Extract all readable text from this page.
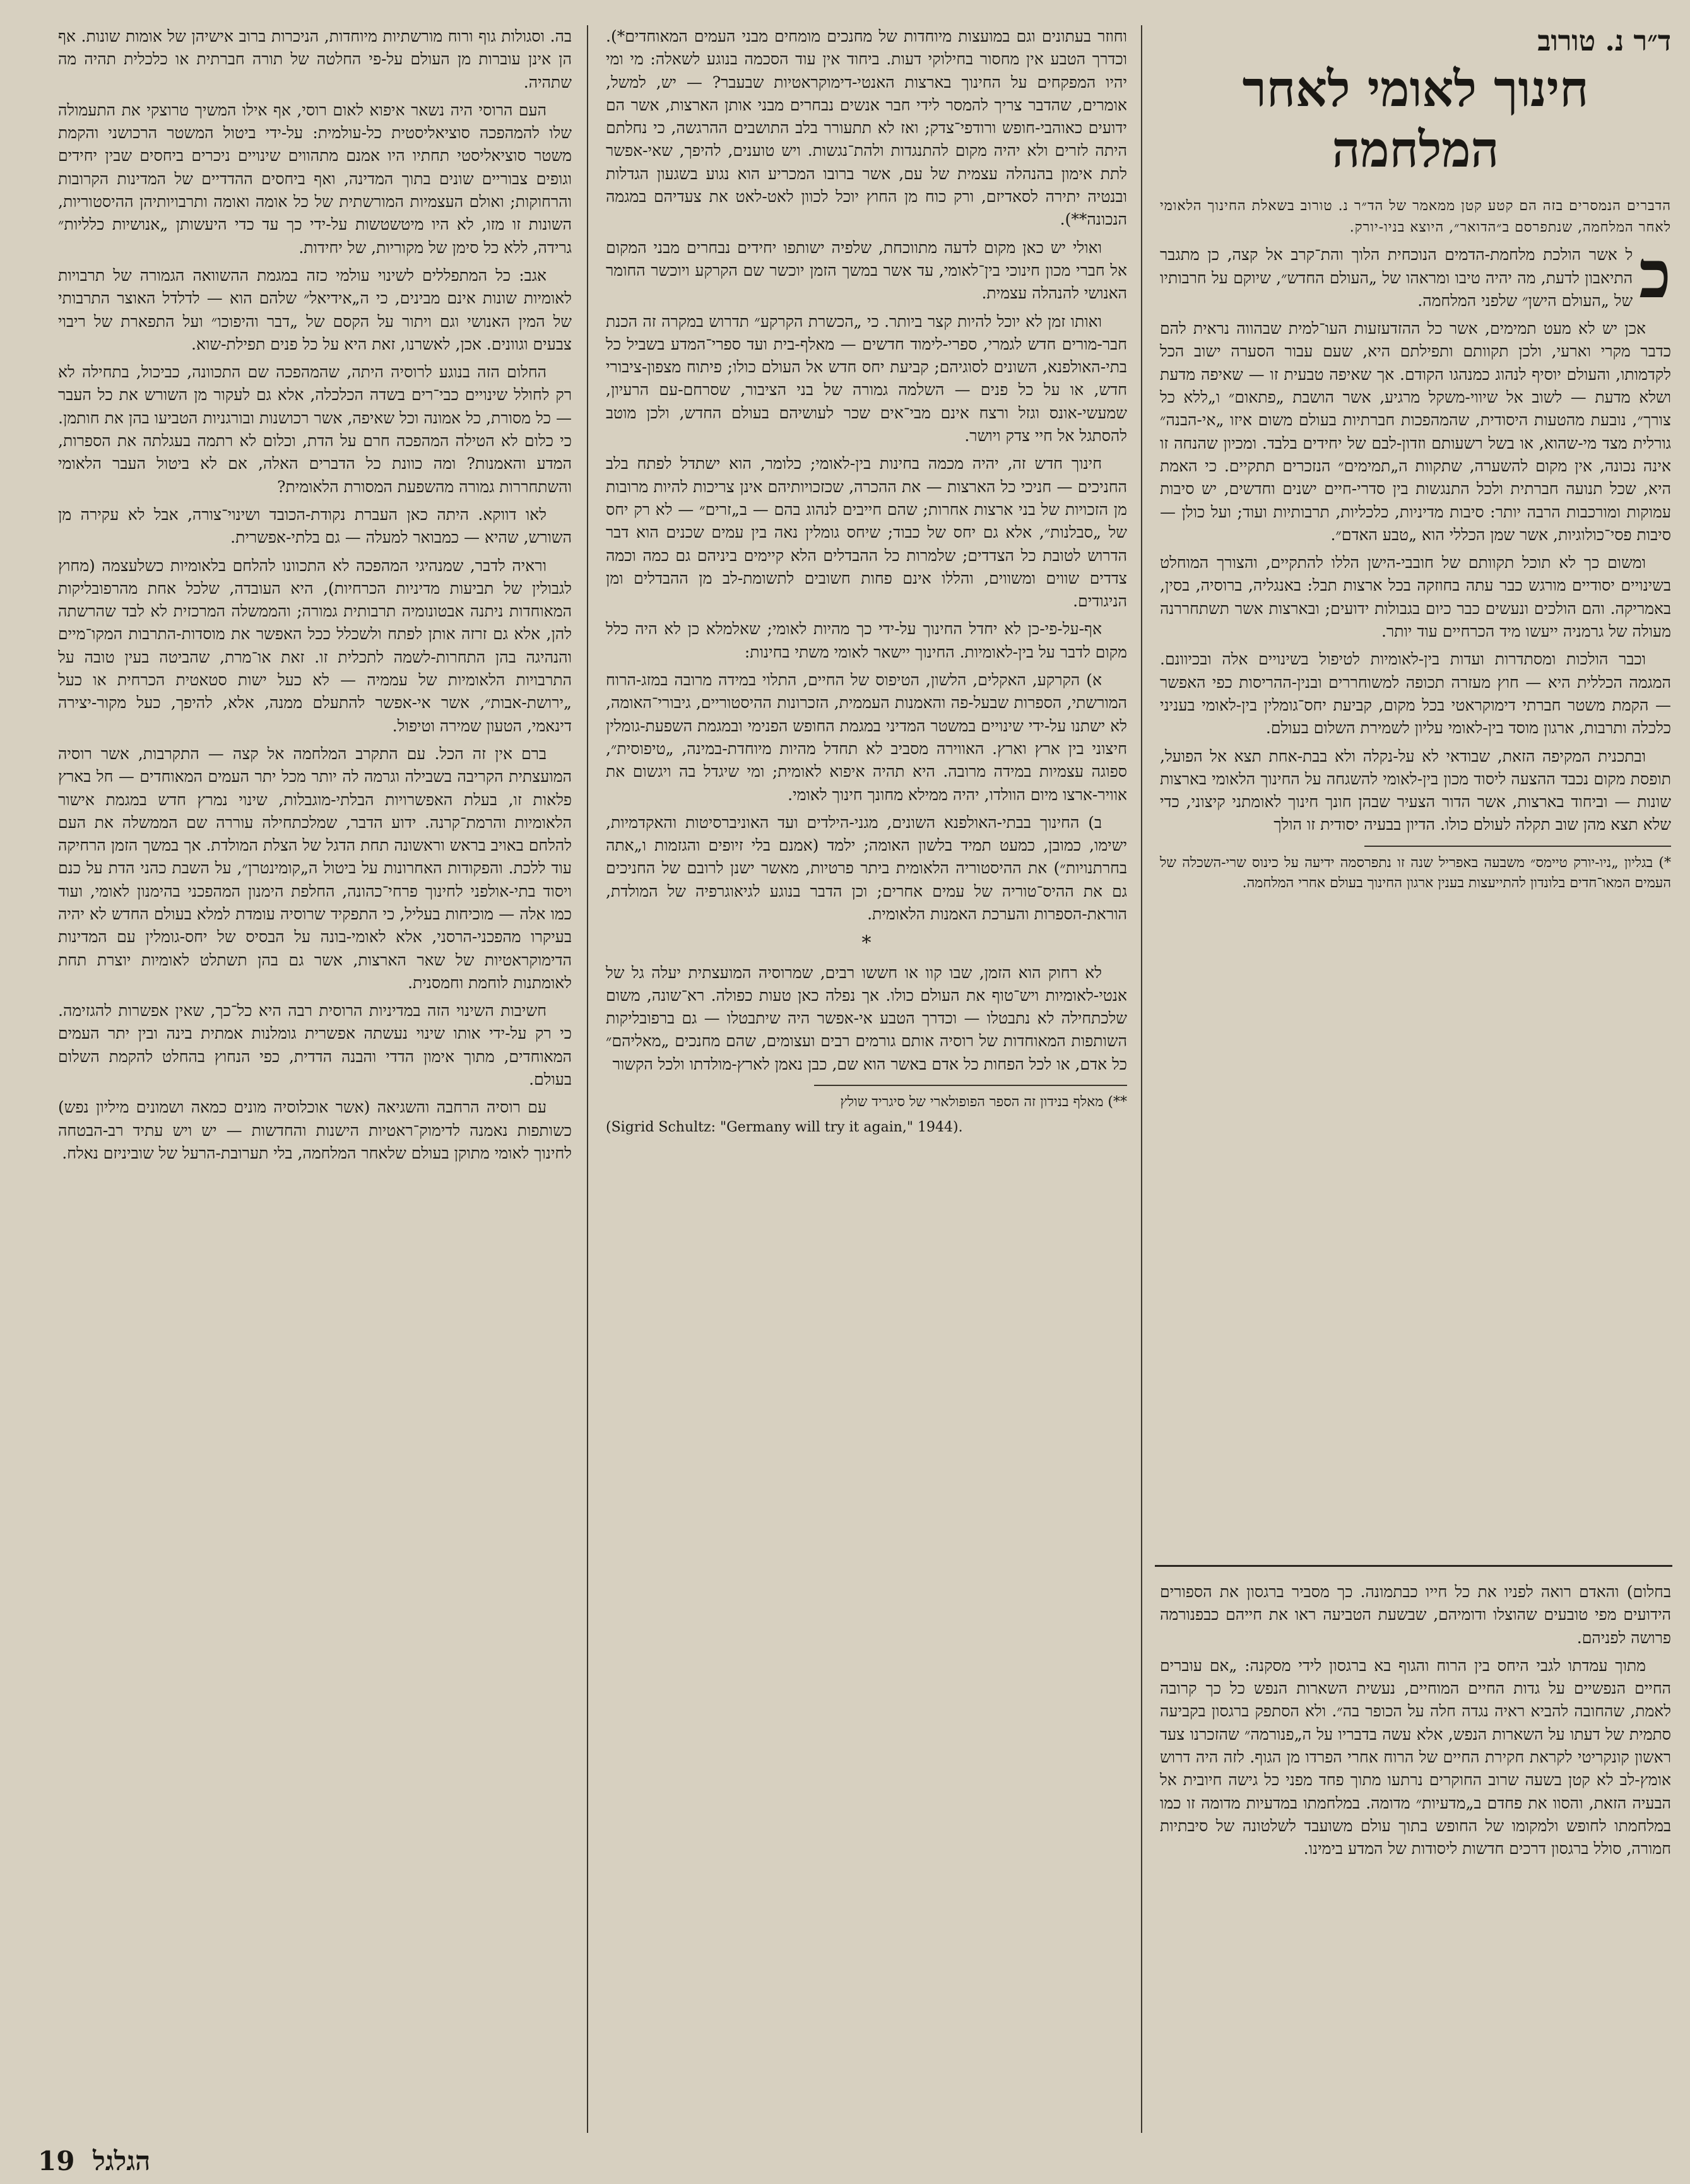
ד״ר נ. טורוב
חינוך לאומי לאחר המלחמה

הדברים הנמסרים בזה הם קטע קטן ממאמר של הד״ר נ. טורוב בשאלת החינוך הלאומי לאחר המלחמה, שנתפרסם ב״הדואר״, היוצא בניו-יורק.

כ

ל אשר הולכת מלחמת-הדמים הנוכחית הלוך והת־קרב אל קצה, כן מתגבר התיאבון לדעת, מה יהיה טיבו ומראהו של „העולם החדש״, שיוקם על חרבותיו של „העולם הישן״ שלפני המלחמה.

אכן יש לא מעט תמימים, אשר כל ההזדעזעות העו־למית שבהווה נראית להם כדבר מקרי וארעי, ולכן תקוותם ותפילתם היא, שעם עבור הסערה ישוב הכל לקדמותו, והעולם יוסיף לנהוג כמנהגו הקודם. אך שאיפה טבעית זו — שאיפה מדעת ושלא מדעת — לשוב אל שיווי-משקל מרגיע, אשר הושבת „פתאום״ ו„ללא כל צורך״, נובעת מהטעות היסודית, שהמהפכות חברתיות בעולם משום איזו „אי-הבנה״ גורלית מצד מי-שהוא, או בשל רשעותם וזדון-לבם של יחידים בלבד. ומכיון שהנחה זו אינה נכונה, אין מקום להשערה, שתקוות ה„תמימים״ הנזכרים תתקיים. כי האמת היא, שכל תנועה חברתית ולכל התנגשות בין סדרי-חיים ישנים וחדשים, יש סיבות עמוקות ומורכבות הרבה יותר: סיבות מדיניות, כלכליות, תרבותיות ועוד; ועל כולן — סיבות פסי־כולוגיות, אשר שמן הכללי הוא „טבע האדם״.

ומשום כך לא תוכל תקוותם של חובבי-הישן הללו להתקיים, והצורך המוחלט בשינויים יסודיים מורגש כבר עתה בחוזקה בכל ארצות תבל: באנגליה, ברוסיה, בסין, באמריקה. והם הולכים ונעשים כבר כיום בגבולות ידועים; ובארצות אשר תשתחררנה מעולה של גרמניה ייעשו מיד הכרחיים עוד יותר.

וכבר הולכות ומסתדרות ועדות בין-לאומיות לטיפול בשינויים אלה ובכיוונם. המגמה הכללית היא — חוץ מעזרה תכופה למשוחררים ובנין-ההריסות כפי האפשר — הקמת משטר חברתי דימוקראטי בכל מקום, קביעת יחס־גומלין בין-לאומי בעניני כלכלה ותרבות, ארגון מוסד בין-לאומי עליון לשמירת השלום בעולם.

ובתכנית המקיפה הזאת, שבודאי לא על-נקלה ולא בבת-אחת תצא אל הפועל, תופסת מקום נכבד ההצעה ליסוד מכון בין-לאומי להשגחה על החינוך הלאומי בארצות שונות — וביחוד בארצות, אשר הדור הצעיר שבהן חונך חינוך לאומתני קיצוני, כדי שלא תצא מהן שוב תקלה לעולם כולו. הדיון בבעיה יסודית זו הולך

*) בגליון „ניו-יורק טיימס״ משבעה באפריל שנה זו נתפרסמה ידיעה על כינוס שרי-השכלה של העמים המאו־חדים בלונדון להתייעצות בענין ארגון החינוך בעולם אחרי המלחמה.

בחלום) והאדם רואה לפניו את כל חייו כבתמונה. כך מסביר ברגסון את הספורים הידועים מפי טובעים שהוצלו ודומיהם, שבשעת הטביעה ראו את חייהם כבפנורמה פרושה לפניהם.

מתוך עמדתו לגבי היחס בין הרוח והגוף בא ברגסון לידי מסקנה: „אם עוברים החיים הנפשיים על גדות החיים המוחיים, נעשית השארות הנפש כל כך קרובה לאמת, שהחובה להביא ראיה נגדה חלה על הכופר בה״. ולא הסתפק ברגסון בקביעה סתמית של דעתו על השארות הנפש, אלא עשה בדבריו על ה„פנורמה״ שהזכרנו צעד ראשון קונקריטי לקראת חקירת החיים של הרוח אחרי הפרדו מן הגוף. לזה היה דרוש אומץ-לב לא קטן בשעה שרוב החוקרים נרתעו מתוך פחד מפני כל גישה חיובית אל הבעיה הזאת, והסוו את פחדם ב„מדעיות״ מדומה. במלחמתו במדעיות מדומה זו כמו במלחמתו לחופש ולמקומו של החופש בתוך עולם משועבד לשלטונה של סיבתיות חמורה, סולל ברגסון דרכים חדשות ליסודות של המדע בימינו.

וחוזר בעתונים וגם במועצות מיוחדות של מחנכים מומחים מבני העמים המאוחדים*). וכדרך הטבע אין מחסור בחילוקי דעות. ביחוד אין עוד הסכמה בנוגע לשאלה: מי ומי יהיו המפקחים על החינוך בארצות האנטי-דימוקראטיות שבעבר? — יש, למשל, אומרים, שהדבר צריך להמסר לידי חבר אנשים נבחרים מבני אותן הארצות, אשר הם ידועים כאוהבי-חופש ורודפי־צדק; ואז לא תתעורר בלב התושבים ההרגשה, כי נחלתם היתה לזרים ולא יהיה מקום להתנגדות ולהת־נגשות. ויש טוענים, להיפך, שאי-אפשר לתת אימון בהנהלה עצמית של עם, אשר ברובו המכריע הוא נגוע בשגעון הגדלות ובנטיה יתירה לסאדיזם, ורק כוח מן החוץ יוכל לכוון לאט-לאט את צעדיהם במגמה הנכונה**).

ואולי יש כאן מקום לדעה מתווכחת, שלפיה ישותפו יחידים נבחרים מבני המקום אל חברי מכון חינוכי בין־לאומי, עד אשר במשך הזמן יוכשר שם הקרקע ויוכשר החומר האנושי להנהלה עצמית.

ואותו זמן לא יוכל להיות קצר ביותר. כי „הכשרת הקרקע״ תדרוש במקרה זה הכנת חבר-מורים חדש לגמרי, ספרי-לימוד חדשים — מאלף-בית ועד ספרי־המדע בשביל כל בתי-האולפנא, השונים לסוגיהם; קביעת יחס חדש אל העולם כולו; פיתוח מצפון-ציבורי חדש, או על כל פנים — השלמה גמורה של בני הציבור, שסרחם-עם הרעיון, שמעשי-אונס וגזל ורצח אינם מבי־אים שכר לעושיהם בעולם החדש, ולכן מוטב להסתגל אל חיי צדק ויושר.

חינוך חדש זה, יהיה מכמה בחינות בין-לאומי; כלומר, הוא ישתדל לפתח בלב החניכים — חניכי כל הארצות — את ההכרה, שכזכויותיהם אינן צריכות להיות מרובות מן הזכויות של בני ארצות אחרות; שהם חייבים לנהוג בהם — ב„זרים״ — לא רק יחס של „סבלנות״, אלא גם יחס של כבוד; שיחס גומלין נאה בין עמים שכנים הוא דבר הדרוש לטובת כל הצדדים; שלמרות כל ההבדלים הלא קיימים ביניהם גם כמה וכמה צדדים שווים ומשווים, והללו אינם פחות חשובים לתשומת-לב מן ההבדלים ומן הניגודים.

אף-על-פי-כן לא יחדל החינוך על-ידי כך מהיות לאומי; שאלמלא כן לא היה כלל מקום לדבר על בין-לאומיות. החינוך יישאר לאומי משתי בחינות:

א) הקרקע, האקלים, הלשון, הטיפוס של החיים, התלוי במידה מרובה במזג-הרוח המורשתי, הספרות שבעל-פה והאמנות העממית, הזכרונות ההיסטוריים, גיבורי־האומה, לא ישתנו על-ידי שינויים במשטר המדיני במגמת החופש הפנימי ובמגמת השפעת-גומלין חיצוני בין ארץ וארץ. האווירה מסביב לא תחדל מהיות מיוחדת-במינה, „טיפוסית״, ספוגה עצמיות במידה מרובה. היא תהיה איפוא לאומית; ומי שיגדל בה ויגשום את אוויר-ארצו מיום הוולדו, יהיה ממילא מחונך חינוך לאומי.

ב) החינוך בבתי-האולפנא השונים, מגני-הילדים ועד האוניברסיטות והאקדמיות, ישימו, כמובן, כמעט תמיד בלשון האומה; ילמד (אמנם בלי זיופים והגזמות ו„אתה בחרתנויות״) את ההיסטוריה הלאומית ביתר פרטיות, מאשר ישנן לרובם של החניכים גם את ההיס־טוריה של עמים אחרים; וכן הדבר בנוגע לגיאוגרפיה של המולדת, הוראת-הספרות והערכת האמנות הלאומית.

*

לא רחוק הוא הזמן, שבו קוו או חששו רבים, שמרוסיה המועצתית יעלה גל של אנטי-לאומיות ויש־טוף את העולם כולו. אך נפלה כאן טעות כפולה. רא־שונה, משום שלכתחילה לא נתבטלו — וכדרך הטבע אי-אפשר היה שיתבטלו — גם ברפובליקות השותפות המאוחדות של רוסיה אותם גורמים רבים ועצומים, שהם מחנכים „מאליהם״ כל אדם, או לכל הפחות כל אדם באשר הוא שם, כבן נאמן לארץ-מולדתו ולכל הקשור

**) מאלף בנידון זה הספר הפופולארי של סיגריד שולץ

(Sigrid Schultz: "Germany will try it again," 1944).

בה. וסגולות גוף ורוח מורשתיות מיוחדות, הניכרות ברוב אישיהן של אומות שונות. אף הן אינן עוברות מן העולם על-פי החלטה של תורה חברתית או כלכלית תהיה מה שתהיה.

העם הרוסי היה נשאר איפוא לאום רוסי, אף אילו המשיך טרוצקי את התעמולה שלו להמהפכה סוציאליסטית כל-עולמית: על-ידי ביטול המשטר הרכושני והקמת משטר סוציאליסטי תחתיו היו אמנם מתהווים שינויים ניכרים ביחסים שבין יחידים וגופים צבוריים שונים בתוך המדינה, ואף ביחסים ההדדיים של המדינות הקרובות והרחוקות; ואולם העצמיות המורשתית של כל אומה ואומה ותרבויותיהן ההיסטוריות, השונות זו מזו, לא היו מיטשטשות על-ידי כך עד כדי היעשותן „אנושיות כלליות״ גרידה, ללא כל סימן של מקוריות, של יחידות.

אגב: כל המתפללים לשינוי עולמי כזה במגמת ההשוואה הגמורה של תרבויות לאומיות שונות אינם מבינים, כי ה„אידיאל״ שלהם הוא — לדלדל האוצר התרבותי של המין האנושי וגם ויתור על הקסם של „דבר והיפוכו״ ועל התפארת של ריבוי צבעים וגוונים. אכן, לאשרנו, זאת היא על כל פנים תפילת-שוא.

החלום הזה בנוגע לרוסיה היתה, שהמהפכה שם התכוונה, כביכול, בתחילה לא רק לחולל שינויים כבי־רים בשדה הכלכלה, אלא גם לעקור מן השורש את כל העבר — כל מסורת, כל אמונה וכל שאיפה, אשר רכושנות ובורגניות הטביעו בהן את חותמן. כי כלום לא הטילה המהפכה חרם על הדת, וכלום לא רתמה בעגלתה את הספרות, המדע והאמנות? ומה כוונת כל הדברים האלה, אם לא ביטול העבר הלאומי והשתחררות גמורה מהשפעת המסורת הלאומית?

לאו דווקא. היתה כאן העברת נקודת-הכובד ושינוי־צורה, אבל לא עקירה מן השורש, שהיא — כמבואר למעלה — גם בלתי-אפשרית.

וראיה לדבר, שמנהיגי המהפכה לא התכוונו להלחם בלאומיות כשלעצמה (מחוץ לגבולין של תביעות מדיניות הכרחיות), היא העובדה, שלכל אחת מהרפובליקות המאוחדות ניתנה אבטונומיה תרבותית גמורה; והממשלה המרכזית לא לבד שהרשתה להן, אלא גם זרזה אותן לפתח ולשכלל ככל האפשר את מוסדות-התרבות המקו־מיים והנהיגה בהן התחרות-לשמה לתכלית זו. זאת או־מרת, שהביטה בעין טובה על התרבויות הלאומיות של עממיה — לא כעל ישות סטאטית הכרחית או כעל „ירושת-אבות״, אשר אי-אפשר להתעלם ממנה, אלא, להיפך, כעל מקור-יצירה דינאמי, הטעון שמירה וטיפול.

ברם אין זה הכל. עם התקרב המלחמה אל קצה — התקרבות, אשר רוסיה המועצתית הקריבה בשבילה וגרמה לה יותר מכל יתר העמים המאוחדים — חל בארץ פלאות זו, בעלת האפשרויות הבלתי-מוגבלות, שינוי נמרץ חדש במגמת אישור הלאומיות והרמת־קרנה. ידוע הדבר, שמלכתחילה עוררה שם הממשלה את העם להלחם באויב בראש וראשונה תחת הדגל של הצלת המולדת. אך במשך הזמן הרחיקה עוד ללכת. והפקודות האחרונות על ביטול ה„קומינטרן״, על השבת כהני הדת על כנם ויסוד בתי-אולפני לחינוך פרחי־כהונה, החלפת הימנון המהפכני בהימנון לאומי, ועוד כמו אלה — מוכיחות בעליל, כי התפקיד שרוסיה עומדת למלא בעולם החדש לא יהיה בעיקרו מהפכני-הרסני, אלא לאומי-בונה על הבסיס של יחס-גומלין עם המדינות הדימוקראטיות של שאר הארצות, אשר גם בהן תשתלט לאומיות יוצרת תחת לאומתנות לוחמת וחמסנית.

חשיבות השינוי הזה במדיניות הרוסית רבה היא כל־כך, שאין אפשרות להגזימה. כי רק על-ידי אותו שינוי נעשתה אפשרית גומלנות אמתית בינה ובין יתר העמים המאוחדים, מתוך אימון הדדי והבנה הדדית, כפי הנחוץ בהחלט להקמת השלום בעולם.

עם רוסיה הרחבה והשגיאה (אשר אוכלוסיה מונים כמאה ושמונים מיליון נפש) כשותפות נאמנה לדימוק־ראטיות הישנות והחדשות — יש ויש עתיד רב-הבטחה לחינוך לאומי מתוקן בעולם שלאחר המלחמה, בלי תערובת-הרעל של שוביניזם נאלח.

הגלגל 19
